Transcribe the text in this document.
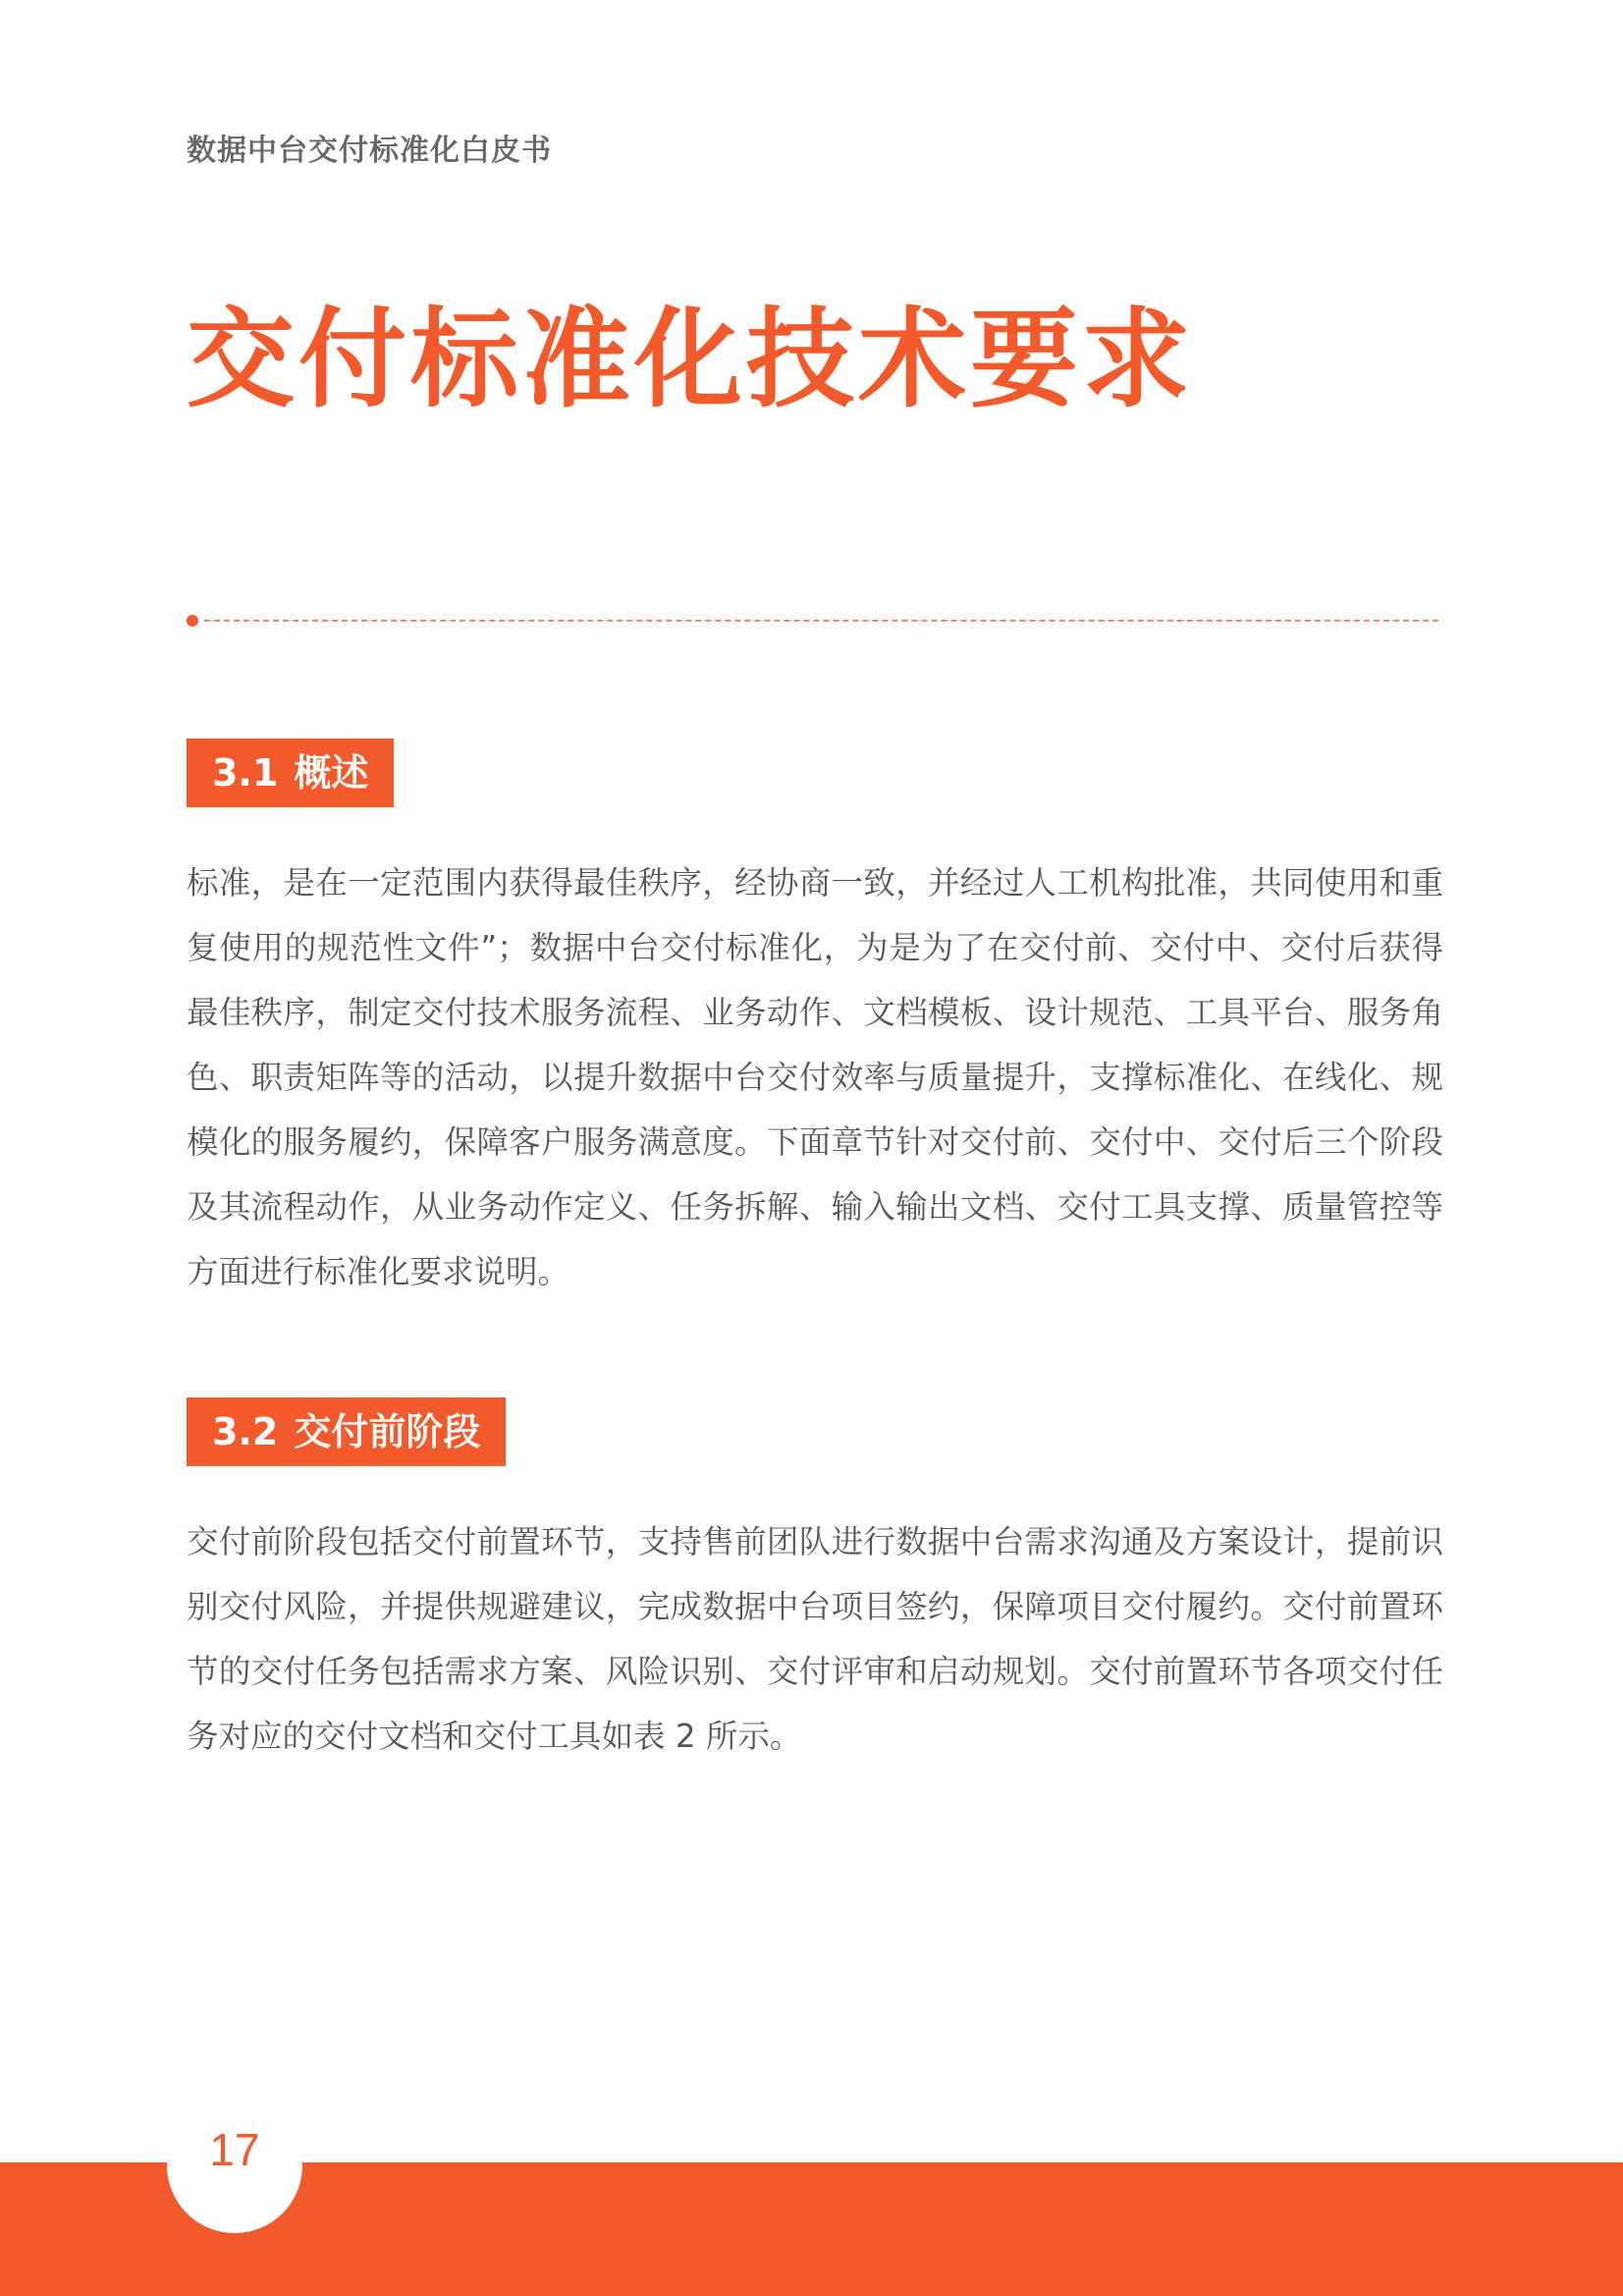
数据中台交付标准化白皮书
交付标准化技术要求
3.1 概述

标准，是在一定范围内获得最佳秩序，经协商一致，并经过人工机构批准，共同使用和重复使用的规范性文件”；数据中台交付标准化，为是为了在交付前、交付中、交付后获得最佳秩序，制定交付技术服务流程、业务动作、文档模板、设计规范、工具平台、服务角色、职责矩阵等的活动，以提升数据中台交付效率与质量提升，支撑标准化、在线化、规模化的服务履约，保障客户服务满意度。下面章节针对交付前、交付中、交付后三个阶段及其流程动作，从业务动作定义、任务拆解、输入输出文档、交付工具支撑、质量管控等方面进行标准化要求说明。

3.2 交付前阶段

交付前阶段包括交付前置环节，支持售前团队进行数据中台需求沟通及方案设计，提前识别交付风险，并提供规避建议，完成数据中台项目签约，保障项目交付履约。交付前置环节的交付任务包括需求方案、风险识别、交付评审和启动规划。交付前置环节各项交付任务对应的交付文档和交付工具如表 2 所示。

17
